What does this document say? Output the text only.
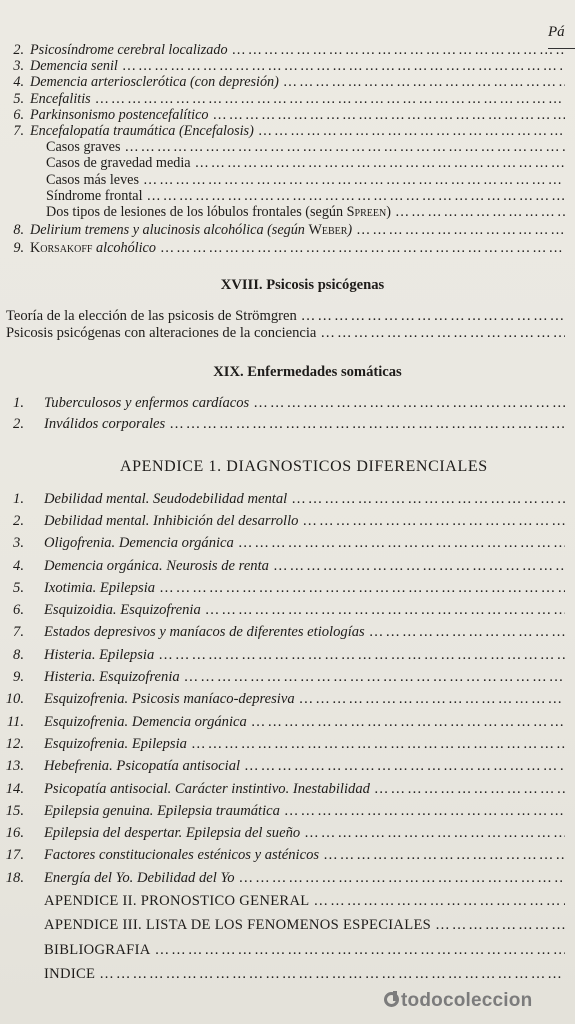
Pá
2. Psicosíndrome cerebral localizado
……………………………………………………………………………………………………………………
3. Demencia senil
……………………………………………………………………………………………………………………
4. Demencia arteriosclerótica (con depresión)
……………………………………………………………………………………………………………………
5. Encefalitis
……………………………………………………………………………………………………………………
6. Parkinsonismo postencefalítico
……………………………………………………………………………………………………………………
7. Encefalopatía traumática (Encefalosis)
……………………………………………………………………………………………………………………
Casos graves
……………………………………………………………………………………………………………………
Casos de gravedad media
……………………………………………………………………………………………………………………
Casos más leves
……………………………………………………………………………………………………………………
Síndrome frontal
……………………………………………………………………………………………………………………
Dos tipos de lesiones de los lóbulos frontales (según Spreen)
……………………………………………………………………………………………………………………
8. Delirium tremens y alucinosis alcohólica (según Weber)
……………………………………………………………………………………………………………………
9. Korsakoff alcohólico
……………………………………………………………………………………………………………………
XVIII. Psicosis psicógenas
Teoría de la elección de las psicosis de Strömgren
……………………………………………………………………………………………………………………
Psicosis psicógenas con alteraciones de la conciencia
……………………………………………………………………………………………………………………
XIX. Enfermedades somáticas
1. Tuberculosos y enfermos cardíacos
……………………………………………………………………………………………………………………
2. Inválidos corporales
……………………………………………………………………………………………………………………
APENDICE 1. DIAGNOSTICOS DIFERENCIALES
1. Debilidad mental. Seudodebilidad mental
……………………………………………………………………………………………………………………
2. Debilidad mental. Inhibición del desarrollo
……………………………………………………………………………………………………………………
3. Oligofrenia. Demencia orgánica
……………………………………………………………………………………………………………………
4. Demencia orgánica. Neurosis de renta
……………………………………………………………………………………………………………………
5. Ixotimia. Epilepsia
……………………………………………………………………………………………………………………
6. Esquizoidia. Esquizofrenia
……………………………………………………………………………………………………………………
7. Estados depresivos y maníacos de diferentes etiologías
……………………………………………………………………………………………………………………
8. Histeria. Epilepsia
……………………………………………………………………………………………………………………
9. Histeria. Esquizofrenia
……………………………………………………………………………………………………………………
10. Esquizofrenia. Psicosis maníaco-depresiva
……………………………………………………………………………………………………………………
11. Esquizofrenia. Demencia orgánica
……………………………………………………………………………………………………………………
12. Esquizofrenia. Epilepsia
……………………………………………………………………………………………………………………
13. Hebefrenia. Psicopatía antisocial
……………………………………………………………………………………………………………………
14. Psicopatía antisocial. Carácter instintivo. Inestabilidad
……………………………………………………………………………………………………………………
15. Epilepsia genuina. Epilepsia traumática
……………………………………………………………………………………………………………………
16. Epilepsia del despertar. Epilepsia del sueño
……………………………………………………………………………………………………………………
17. Factores constitucionales esténicos y asténicos
……………………………………………………………………………………………………………………
18. Energía del Yo. Debilidad del Yo
……………………………………………………………………………………………………………………
APENDICE II. PRONOSTICO GENERAL
……………………………………………………………………………………………………………………
APENDICE III. LISTA DE LOS FENOMENOS ESPECIALES
……………………………………………………………………………………………………………………
BIBLIOGRAFIA
……………………………………………………………………………………………………………………
INDICE
……………………………………………………………………………………………………………………
todocoleccion
